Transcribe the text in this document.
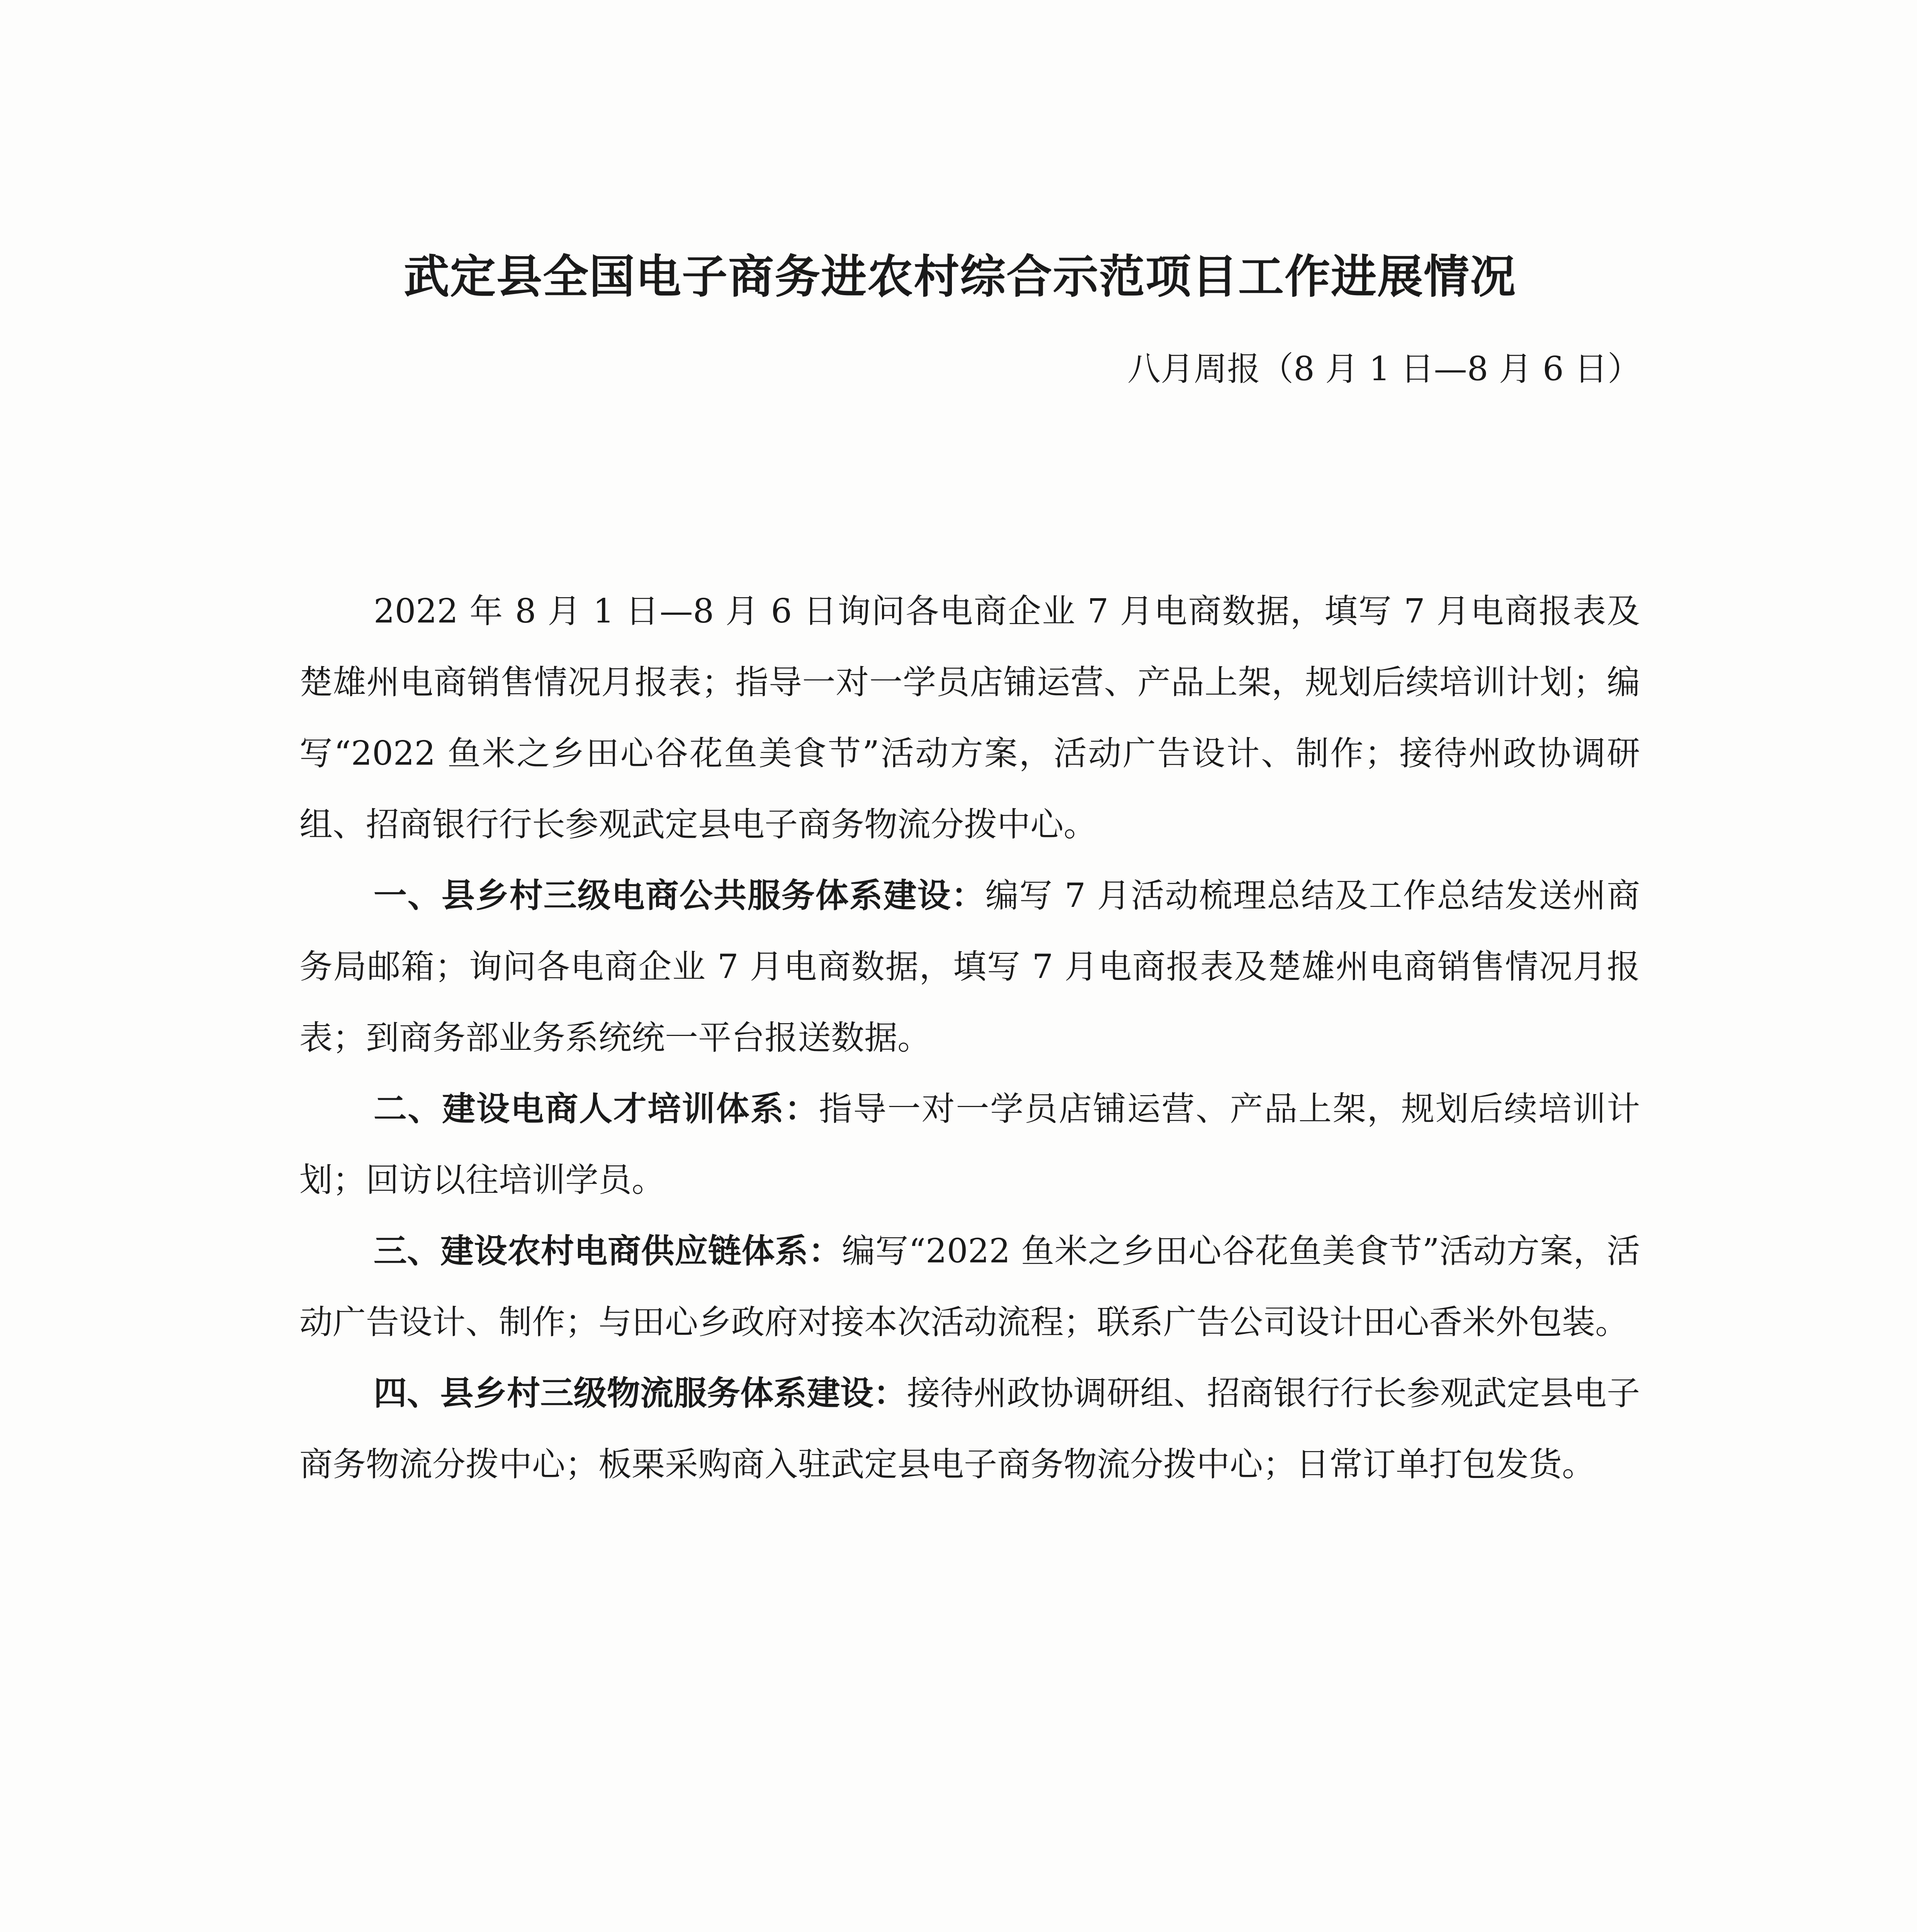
武定县全国电子商务进农村综合示范项目工作进展情况
八月周报（8 月 1 日—8 月 6 日）

2022 年 8 月 1 日—8 月 6 日询问各电商企业 7 月电商数据，填写 7 月电商报表及楚雄州电商销售情况月报表；指导一对一学员店铺运营、产品上架，规划后续培训计划；编写“2022 鱼米之乡田心谷花鱼美食节”活动方案，活动广告设计、制作；接待州政协调研组、招商银行行长参观武定县电子商务物流分拨中心。

一、县乡村三级电商公共服务体系建设：编写 7 月活动梳理总结及工作总结发送州商务局邮箱；询问各电商企业 7 月电商数据，填写 7 月电商报表及楚雄州电商销售情况月报表；到商务部业务系统统一平台报送数据。

二、建设电商人才培训体系：指导一对一学员店铺运营、产品上架，规划后续培训计划；回访以往培训学员。

三、建设农村电商供应链体系：编写“2022 鱼米之乡田心谷花鱼美食节”活动方案，活动广告设计、制作；与田心乡政府对接本次活动流程；联系广告公司设计田心香米外包装。

四、县乡村三级物流服务体系建设：接待州政协调研组、招商银行行长参观武定县电子商务物流分拨中心；板栗采购商入驻武定县电子商务物流分拨中心；日常订单打包发货。
